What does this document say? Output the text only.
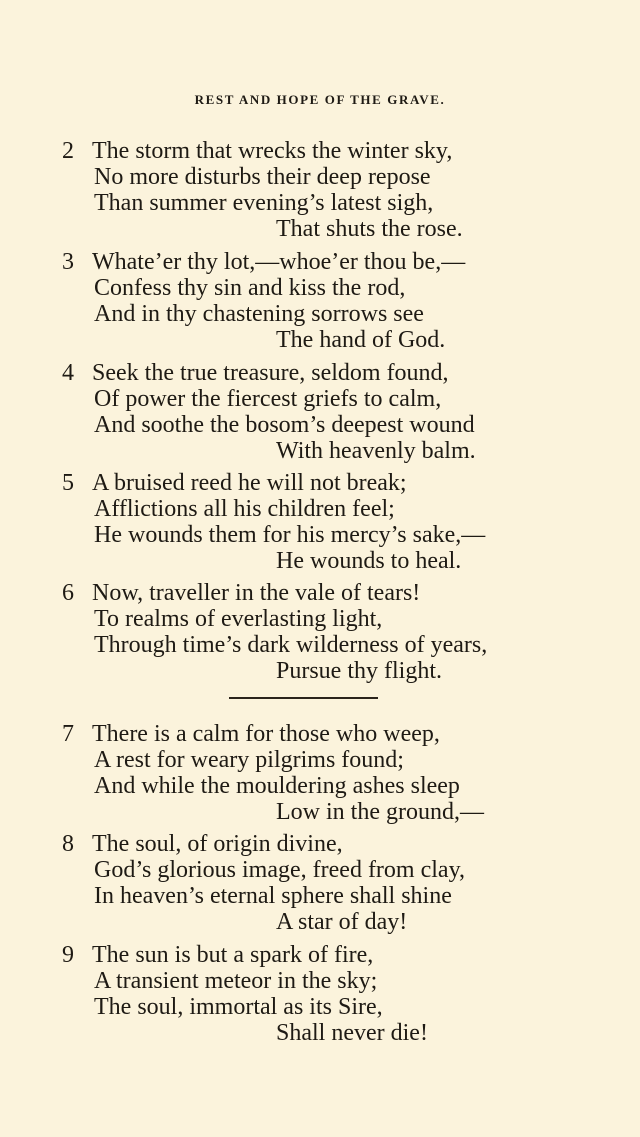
REST AND HOPE OF THE GRAVE.
2 The storm that wrecks the winter sky,
No more disturbs their deep repose
Than summer evening’s latest sigh,
That shuts the rose.
3 Whate’er thy lot,—whoe’er thou be,—
Confess thy sin and kiss the rod,
And in thy chastening sorrows see
The hand of God.
4 Seek the true treasure, seldom found,
Of power the fiercest griefs to calm,
And soothe the bosom’s deepest wound
With heavenly balm.
5 A bruised reed he will not break;
Afflictions all his children feel;
He wounds them for his mercy’s sake,—
He wounds to heal.
6 Now, traveller in the vale of tears!
To realms of everlasting light,
Through time’s dark wilderness of years,
Pursue thy flight.
7 There is a calm for those who weep,
A rest for weary pilgrims found;
And while the mouldering ashes sleep
Low in the ground,—
8 The soul, of origin divine,
God’s glorious image, freed from clay,
In heaven’s eternal sphere shall shine
A star of day!
9 The sun is but a spark of fire,
A transient meteor in the sky;
The soul, immortal as its Sire,
Shall never die!
